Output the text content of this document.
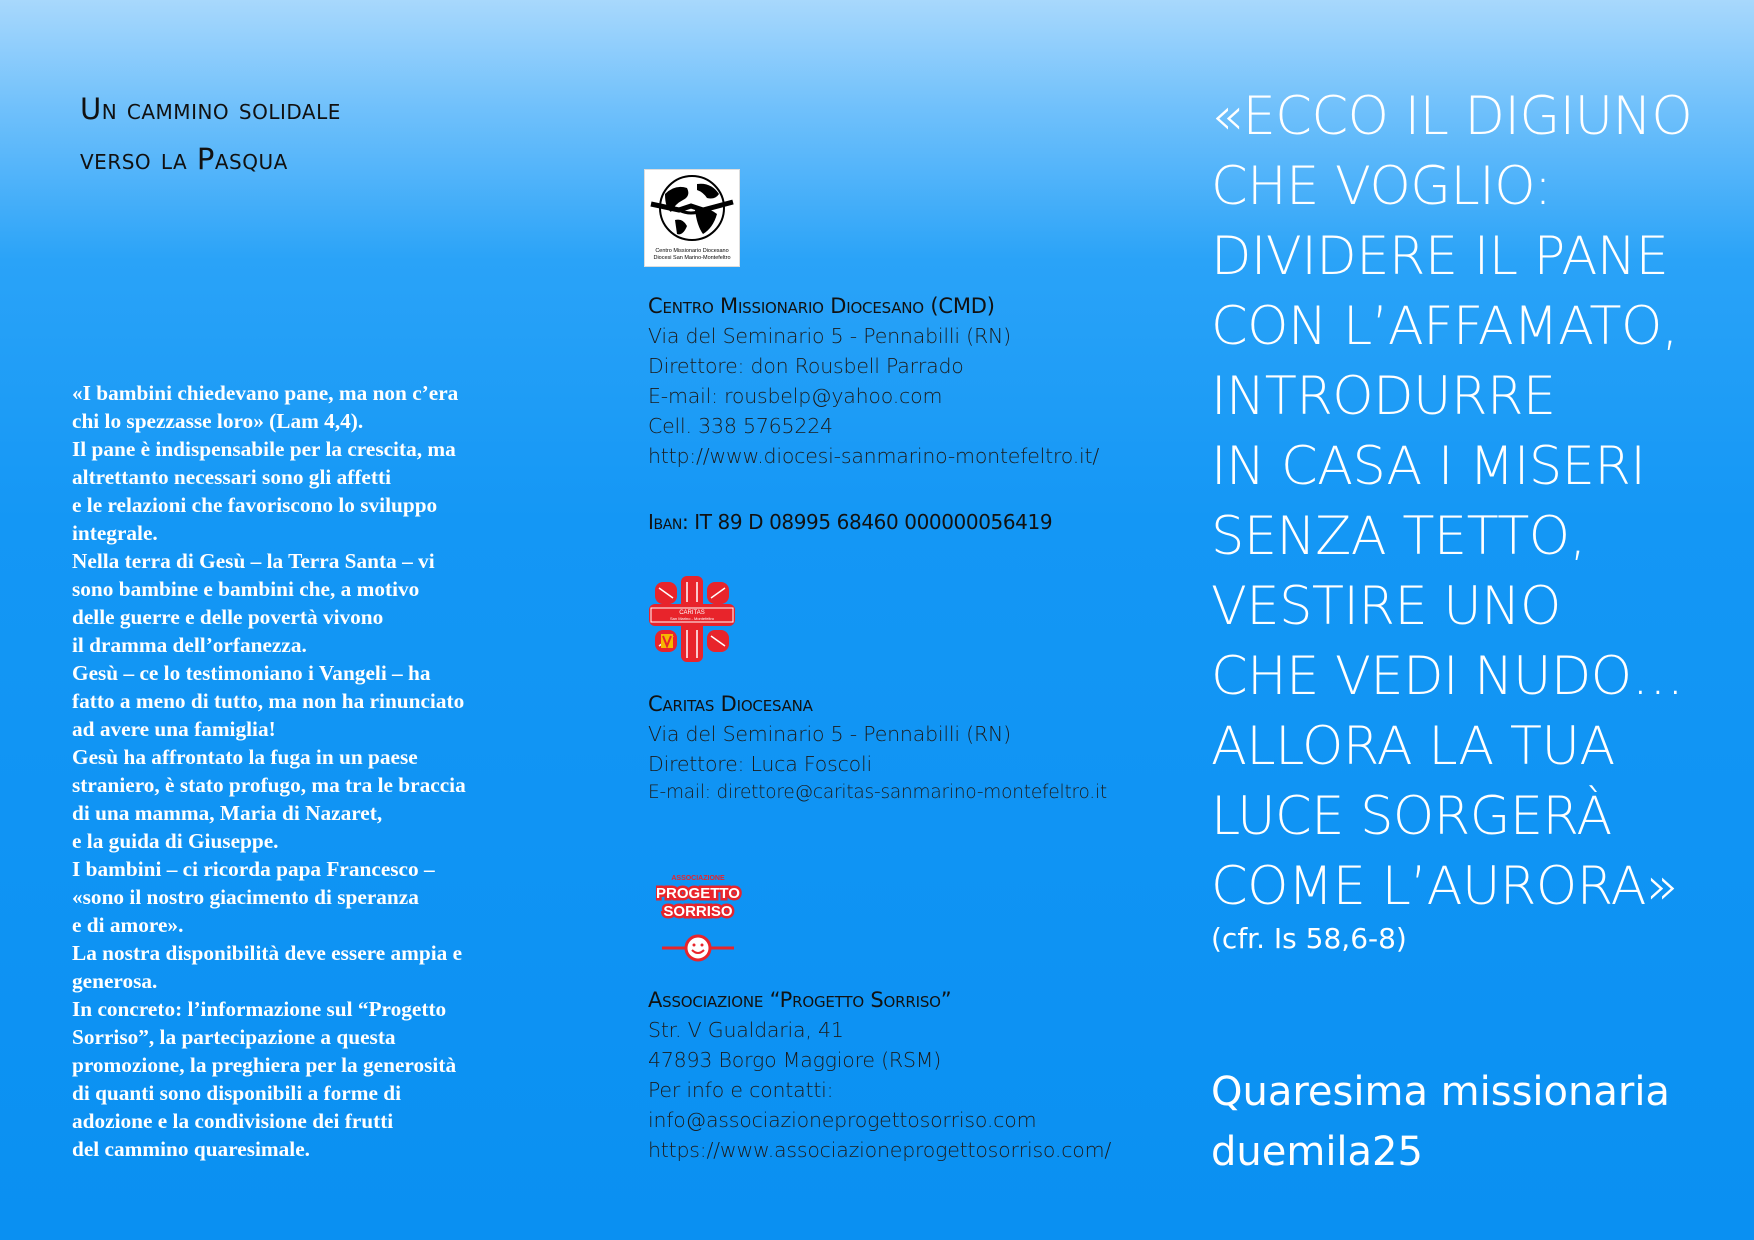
Un cammino solidale
verso la Pasqua
«I bambini chiedevano pane, ma non c’era
chi lo spezzasse loro» (Lam 4,4).
Il pane è indispensabile per la crescita, ma
altrettanto necessari sono gli affetti
e le relazioni che favoriscono lo sviluppo
integrale.
Nella terra di Gesù – la Terra Santa – vi
sono bambine e bambini che, a motivo
delle guerre e delle povertà vivono
il dramma dell’orfanezza.
Gesù – ce lo testimoniano i Vangeli – ha
fatto a meno di tutto, ma non ha rinunciato
ad avere una famiglia!
Gesù ha affrontato la fuga in un paese
straniero, è stato profugo, ma tra le braccia
di una mamma, Maria di Nazaret,
e la guida di Giuseppe.
I bambini – ci ricorda papa Francesco –
«sono il nostro giacimento di speranza
e di amore».
La nostra disponibilità deve essere ampia e
generosa.
In concreto: l’informazione sul “Progetto
Sorriso”, la partecipazione a questa
promozione, la preghiera per la generosità
di quanti sono disponibili a forme di
adozione e la condivisione dei frutti
del cammino quaresimale.
Centro Missionario Diocesano
Diocesi San Marino-Montefeltro
Centro Missionario Diocesano (CMD)
Via del Seminario 5 - Pennabilli (RN)
Direttore: don Rousbell Parrado
E-mail: rousbelp@yahoo.com
Cell. 338 5765224
http://www.diocesi-sanmarino-montefeltro.it/
Iban: IT 89 D 08995 68460 000000056419
CARITAS
San Marino - Montefeltro
Caritas Diocesana
Via del Seminario 5 - Pennabilli (RN)
Direttore: Luca Foscoli
E-mail: direttore@caritas-sanmarino-montefeltro.it
ASSOCIAZIONE
PROGETTO
SORRISO
Associazione “Progetto Sorriso”
Str. V Gualdaria, 41
47893 Borgo Maggiore (RSM)
Per info e contatti:
info@associazioneprogettosorriso.com
https://www.associazioneprogettosorriso.com/
«ECCO IL DIGIUNO
CHE VOGLIO:
DIVIDERE IL PANE
CON L’AFFAMATO,
INTRODURRE
IN CASA I MISERI
SENZA TETTO,
VESTIRE UNO
CHE VEDI NUDO…
ALLORA LA TUA
LUCE SORGERÀ
COME L’AURORA»
(cfr. Is 58,6-8)
Quaresima missionaria
duemila25
